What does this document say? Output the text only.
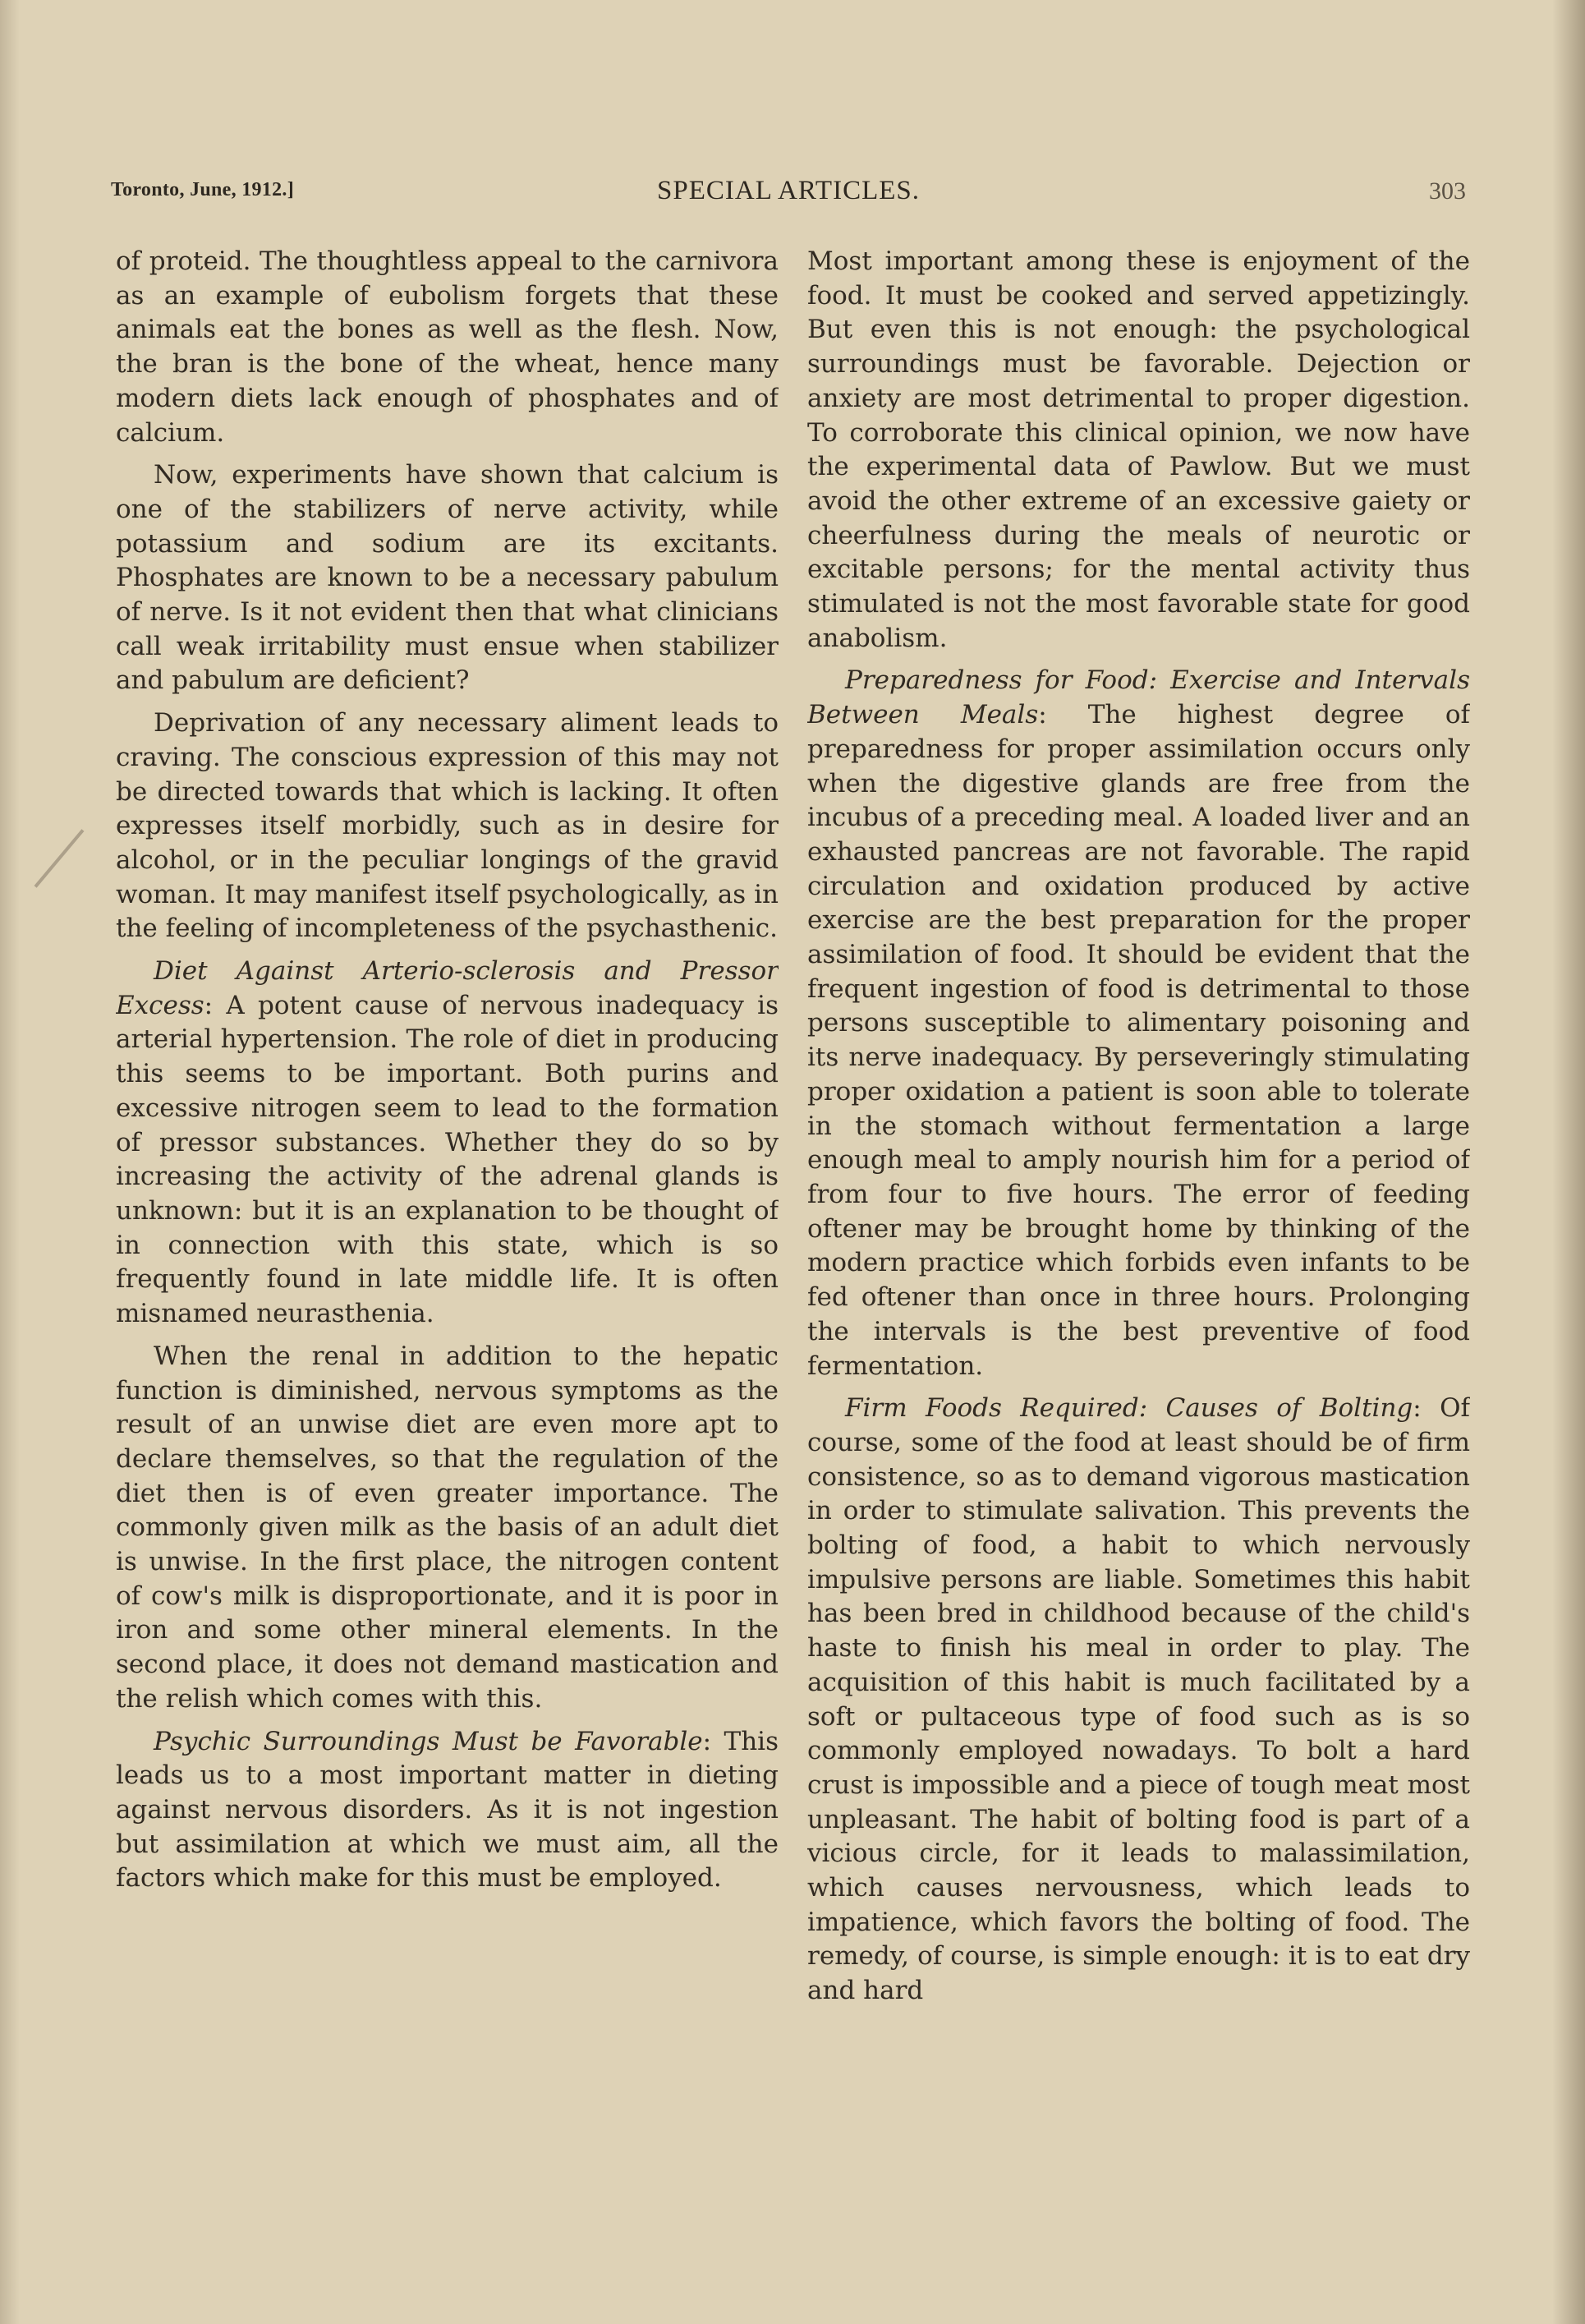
Toronto, June, 1912.]	SPECIAL ARTICLES.	303

of proteid. The thoughtless appeal to the carnivora as an example of eubolism forgets that these animals eat the bones as well as the flesh. Now, the bran is the bone of the wheat, hence many modern diets lack enough of phosphates and of calcium.

Now, experiments have shown that calcium is one of the stabilizers of nerve activity, while potassium and sodium are its excitants. Phosphates are known to be a necessary pabulum of nerve. Is it not evident then that what clinicians call weak irritability must ensue when stabilizer and pabulum are deficient?

Deprivation of any necessary aliment leads to craving. The conscious expression of this may not be directed towards that which is lacking. It often expresses itself morbidly, such as in desire for alcohol, or in the peculiar longings of the gravid woman. It may manifest itself psychologically, as in the feeling of incompleteness of the psychasthenic.

Diet Against Arterio-sclerosis and Pressor Excess: A potent cause of nervous inadequacy is arterial hypertension. The role of diet in producing this seems to be important. Both purins and excessive nitrogen seem to lead to the formation of pressor substances. Whether they do so by increasing the activity of the adrenal glands is unknown: but it is an explanation to be thought of in connection with this state, which is so frequently found in late middle life. It is often misnamed neurasthenia.

When the renal in addition to the hepatic function is diminished, nervous symptoms as the result of an unwise diet are even more apt to declare themselves, so that the regulation of the diet then is of even greater importance. The commonly given milk as the basis of an adult diet is unwise. In the first place, the nitrogen content of cow's milk is disproportionate, and it is poor in iron and some other mineral elements. In the second place, it does not demand mastication and the relish which comes with this.

Psychic Surroundings Must be Favorable: This leads us to a most important matter in dieting against nervous disorders. As it is not ingestion but assimilation at which we must aim, all the factors which make for this must be employed.

Most important among these is enjoyment of the food. It must be cooked and served appetizingly. But even this is not enough: the psychological surroundings must be favorable. Dejection or anxiety are most detrimental to proper digestion. To corroborate this clinical opinion, we now have the experimental data of Pawlow. But we must avoid the other extreme of an excessive gaiety or cheerfulness during the meals of neurotic or excitable persons; for the mental activity thus stimulated is not the most favorable state for good anabolism.

Preparedness for Food: Exercise and Intervals Between Meals: The highest degree of preparedness for proper assimilation occurs only when the digestive glands are free from the incubus of a preceding meal. A loaded liver and an exhausted pancreas are not favorable. The rapid circulation and oxidation produced by active exercise are the best preparation for the proper assimilation of food. It should be evident that the frequent ingestion of food is detrimental to those persons susceptible to alimentary poisoning and its nerve inadequacy. By perseveringly stimulating proper oxidation a patient is soon able to tolerate in the stomach without fermentation a large enough meal to amply nourish him for a period of from four to five hours. The error of feeding oftener may be brought home by thinking of the modern practice which forbids even infants to be fed oftener than once in three hours. Prolonging the intervals is the best preventive of food fermentation.

Firm Foods Required: Causes of Bolting: Of course, some of the food at least should be of firm consistence, so as to demand vigorous mastication in order to stimulate salivation. This prevents the bolting of food, a habit to which nervously impulsive persons are liable. Sometimes this habit has been bred in childhood because of the child's haste to finish his meal in order to play. The acquisition of this habit is much facilitated by a soft or pultaceous type of food such as is so commonly employed nowadays. To bolt a hard crust is impossible and a piece of tough meat most unpleasant. The habit of bolting food is part of a vicious circle, for it leads to malassimilation, which causes nervousness, which leads to impatience, which favors the bolting of food. The remedy, of course, is simple enough: it is to eat dry and hard
